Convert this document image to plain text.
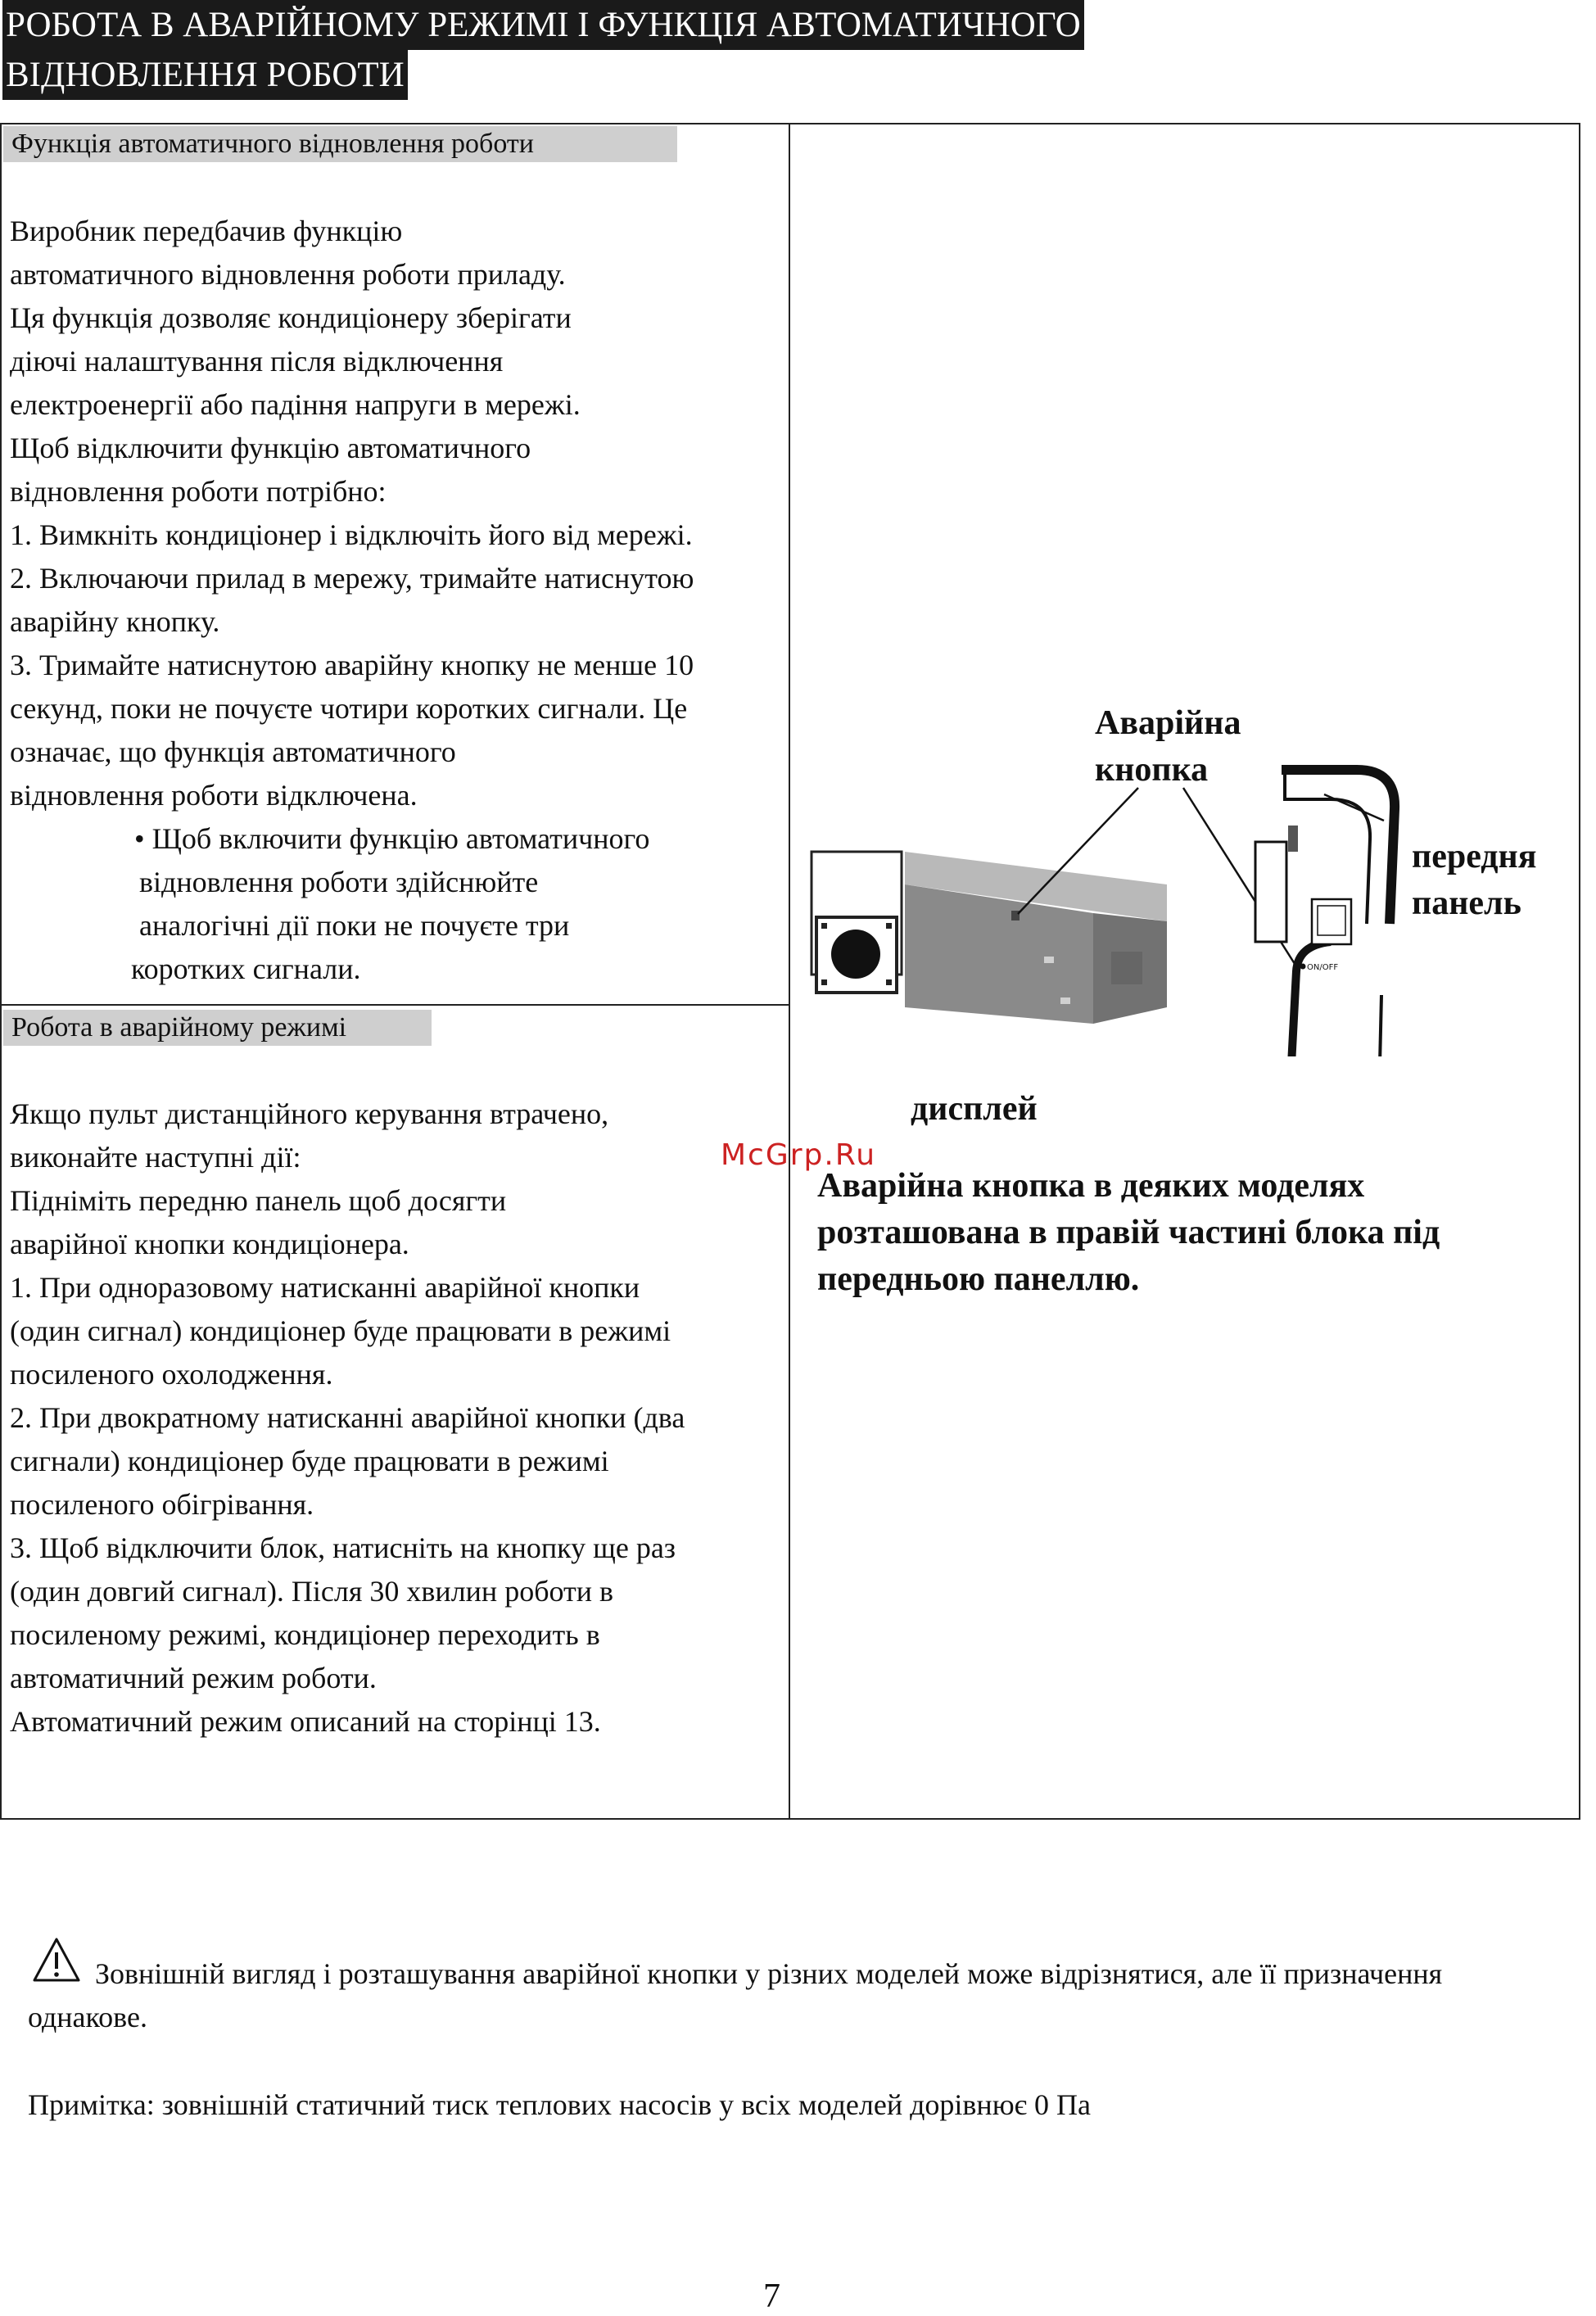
РОБОТА В АВАРІЙНОМУ РЕЖИМІ І ФУНКЦІЯ АВТОМАТИЧНОГО
ВІДНОВЛЕННЯ РОБОТИ
Функція автоматичного відновлення роботи
Виробник передбачив функцію
автоматичного відновлення роботи приладу.
Ця функція дозволяє кондиціонеру зберігати
діючі налаштування після відключення
електроенергії або падіння напруги в мережі.
Щоб відключити функцію автоматичного
відновлення роботи потрібно:
1. Вимкніть кондиціонер і відключіть його від мережі.
2. Включаючи прилад в мережу, тримайте натиснутою
аварійну кнопку.
3. Тримайте натиснутою аварійну кнопку не менше 10
секунд, поки не почуєте чотири коротких сигнали. Це
означає, що функція автоматичного
відновлення роботи відключена.
• Щоб включити функцію автоматичного
відновлення роботи здійснюйте
аналогічні дії поки не почуєте три
коротких сигнали.
Робота в аварійному режимі
Якщо пульт дистанційного керування втрачено,
виконайте наступні дії:
Підніміть передню панель щоб досягти
аварійної кнопки кондиціонера.
1. При одноразовому натисканні аварійної кнопки
(один сигнал) кондиціонер буде працювати в режимі
посиленого охолодження.
2. При двократному натисканні аварійної кнопки (два
сигнали) кондиціонер буде працювати в режимі
посиленого обігрівання.
3. Щоб відключити блок, натисніть на кнопку ще раз
(один довгий сигнал). Після 30 хвилин роботи в
посиленому режимі, кондиціонер переходить в
автоматичний режим роботи.
Автоматичний режим описаний на сторінці 13.
ON/OFF
Аварійна
кнопка
передня
панель
дисплей
McGrp.Ru
Аварійна кнопка в деяких моделях
розташована в правій частині блока під
передньою панеллю.
Зовнішній вигляд і розташування аварійної кнопки у різних моделей може відрізнятися, але її призначення
однакове.
Примітка: зовнішній статичний тиск теплових насосів у всіх моделей дорівнює 0 Па
7
